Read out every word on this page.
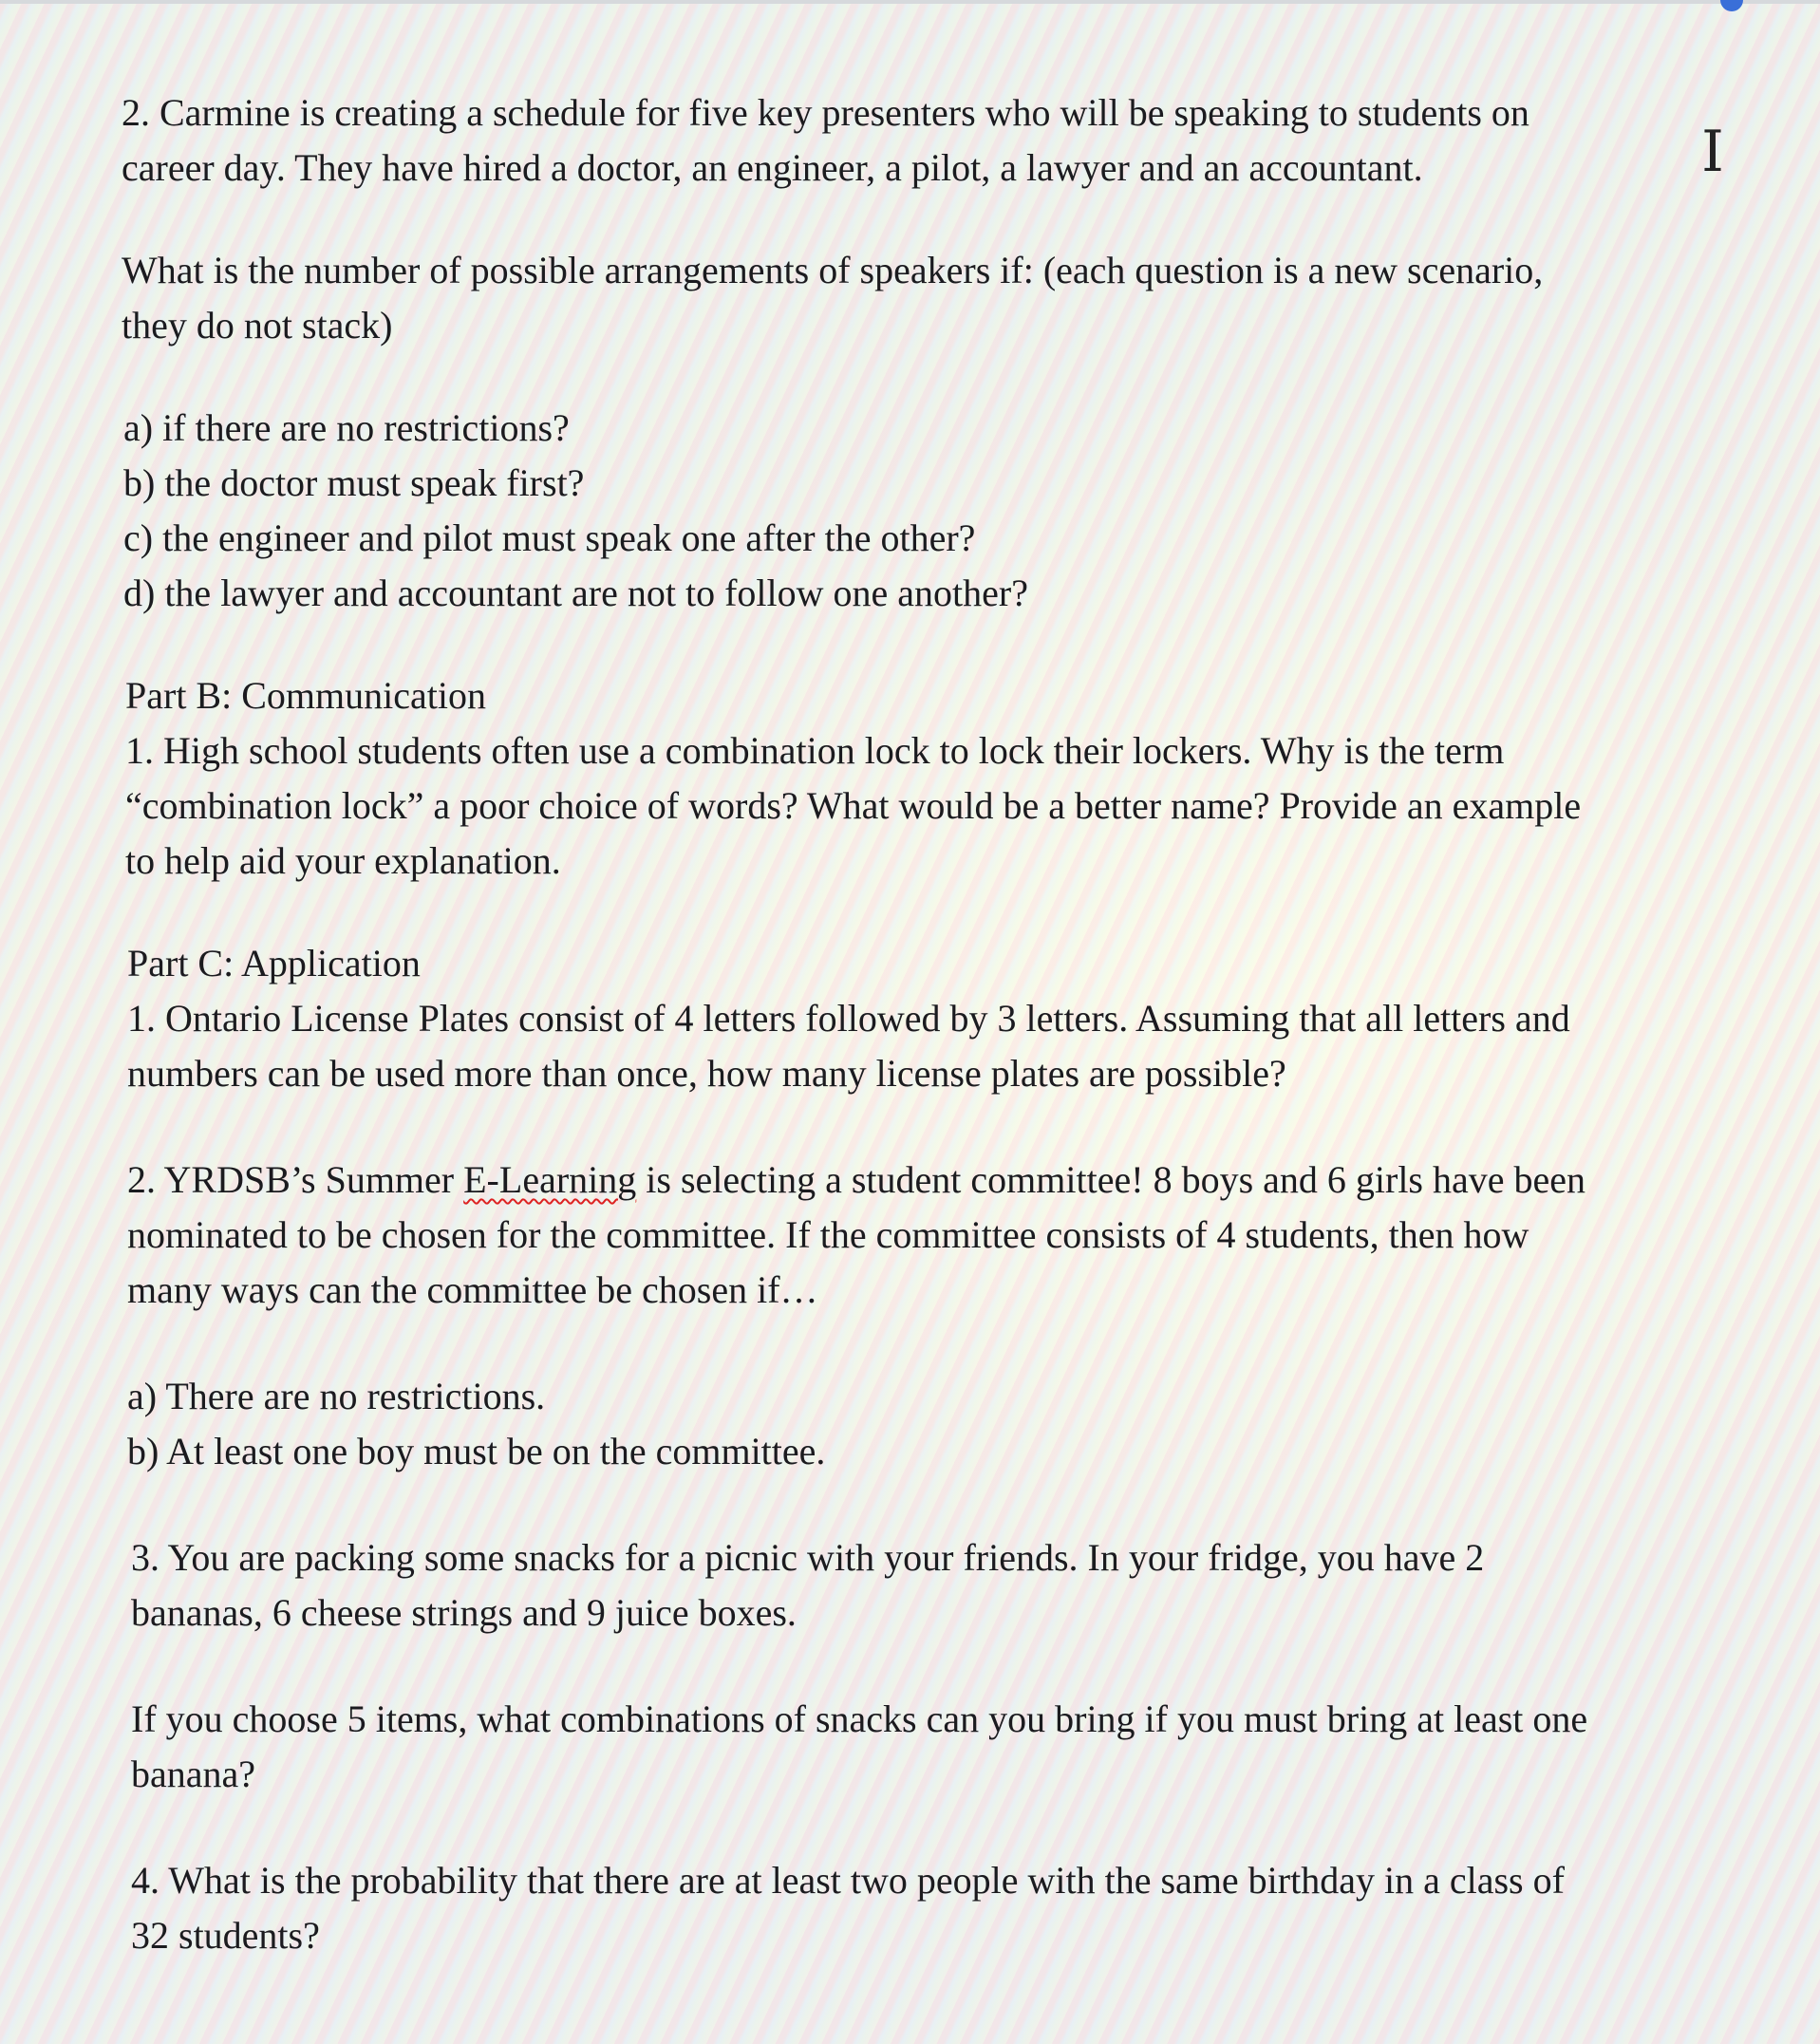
I

2. Carmine is creating a schedule for five key presenters who will be speaking to students on

career day. They have hired a doctor, an engineer, a pilot, a lawyer and an accountant.

What is the number of possible arrangements of speakers if: (each question is a new scenario,

they do not stack)

a) if there are no restrictions?

b) the doctor must speak first?

c) the engineer and pilot must speak one after the other?

d) the lawyer and accountant are not to follow one another?

Part B: Communication

1. High school students often use a combination lock to lock their lockers. Why is the term

“combination lock” a poor choice of words? What would be a better name? Provide an example

to help aid your explanation.

Part C: Application

1. Ontario License Plates consist of 4 letters followed by 3 letters. Assuming that all letters and

numbers can be used more than once, how many license plates are possible?

2. YRDSB’s Summer E-Learning is selecting a student committee! 8 boys and 6 girls have been

nominated to be chosen for the committee. If the committee consists of 4 students, then how

many ways can the committee be chosen if…

a) There are no restrictions.

b) At least one boy must be on the committee.

3. You are packing some snacks for a picnic with your friends. In your fridge, you have 2

bananas, 6 cheese strings and 9 juice boxes.

If you choose 5 items, what combinations of snacks can you bring if you must bring at least one

banana?

4. What is the probability that there are at least two people with the same birthday in a class of

32 students?
